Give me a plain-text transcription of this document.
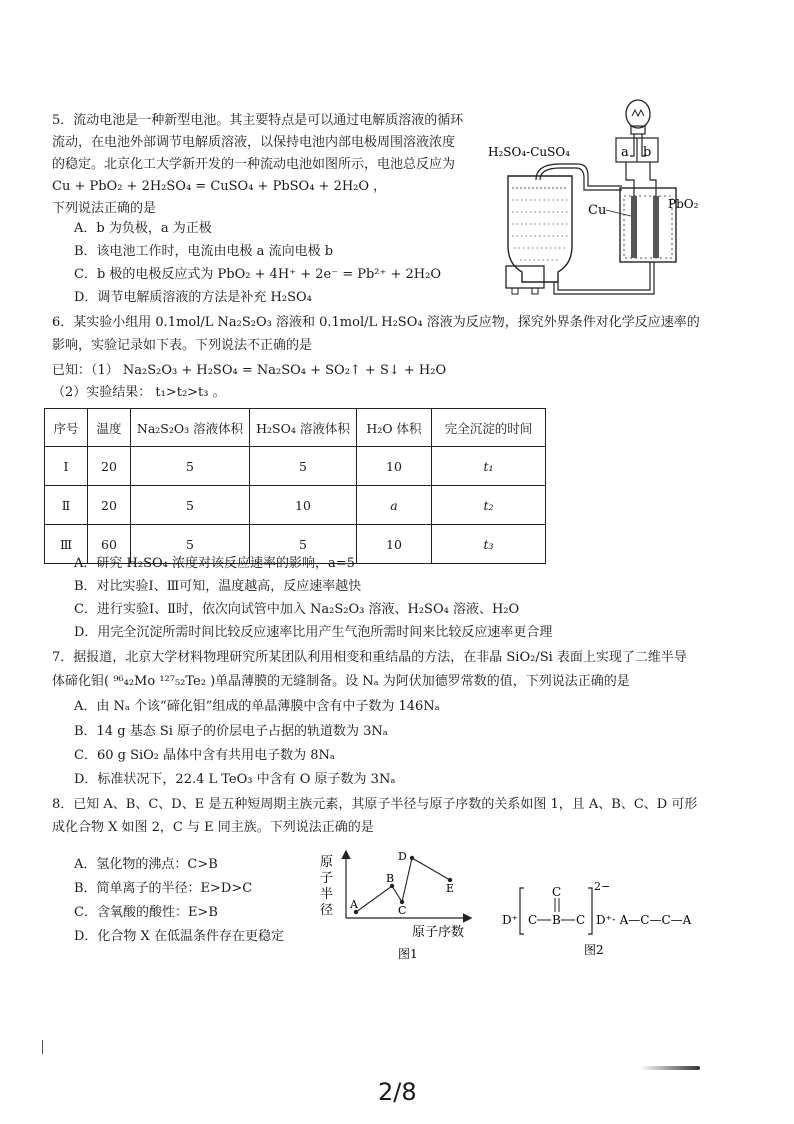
5．流动电池是一种新型电池。其主要特点是可以通过电解质溶液的循环
流动，在电池外部调节电解质溶液，以保持电池内部电极周围溶液浓度
的稳定。北京化工大学新开发的一种流动电池如图所示，电池总反应为
Cu + PbO₂ + 2H₂SO₄ = CuSO₄ + PbSO₄ + 2H₂O ，
下列说法正确的是
A．b 为负极，a 为正极
B．该电池工作时，电流由电极 a 流向电极 b
C．b 极的电极反应式为 PbO₂ + 4H⁺ + 2e⁻ = Pb²⁺ + 2H₂O
D．调节电解质溶液的方法是补充 H₂SO₄
a b
Cu	PbO₂
H₂SO₄-CuSO₄
6．某实验小组用 0.1mol/L Na₂S₂O₃ 溶液和 0.1mol/L H₂SO₄ 溶液为反应物，探究外界条件对化学反应速率的
影响，实验记录如下表。下列说法不正确的是
已知：（1） Na₂S₂O₃ + H₂SO₄ = Na₂SO₄ + SO₂↑ + S↓ + H₂O
（2）实验结果： t₁>t₂>t₃ 。
序号	温度	Na₂S₂O₃ 溶液体积	H₂SO₄ 溶液体积	H₂O 体积	完全沉淀的时间
Ⅰ	20	5	5	10	t₁
Ⅱ	20	5	10	a	t₂
Ⅲ	60	5	5	10	t₃
A．研究 H₂SO₄ 浓度对该反应速率的影响，a=5
B．对比实验Ⅰ、Ⅲ可知，温度越高，反应速率越快
C．进行实验Ⅰ、Ⅱ时，依次向试管中加入 Na₂S₂O₃ 溶液、H₂SO₄ 溶液、H₂O
D．用完全沉淀所需时间比较反应速率比用产生气泡所需时间来比较反应速率更合理
7．据报道，北京大学材料物理研究所某团队利用相变和重结晶的方法，在非晶 SiO₂/Si 表面上实现了二维半导
体碲化钼( ⁹⁶₄₂Mo ¹²⁷₅₂Te₂ )单晶薄膜的无缝制备。设 Nₐ 为阿伏加德罗常数的值，下列说法正确的是
A．由 Nₐ 个该“碲化钼”组成的单晶薄膜中含有中子数为 146Nₐ
B．14 g 基态 Si 原子的价层电子占据的轨道数为 3Nₐ
C．60 g SiO₂ 晶体中含有共用电子数为 8Nₐ
D．标准状况下，22.4 L TeO₃ 中含有 O 原子数为 3Nₐ
8．已知 A、B、C、D、E 是五种短周期主族元素，其原子半径与原子序数的关系如图 1，且 A、B、C、D 可形
成化合物 X 如图 2，C 与 E 同主族。下列说法正确的是
A．氢化物的沸点：C>B
B．简单离子的半径：E>D>C
C．含氧酸的酸性：E>B
D．化合物 X 在低温条件存在更稳定
原
子
半
径
原子序数
A
B
C
D
E
图1
D⁺ C B C
C	2−
D⁺ · A—C—C—A
图2
2/8
